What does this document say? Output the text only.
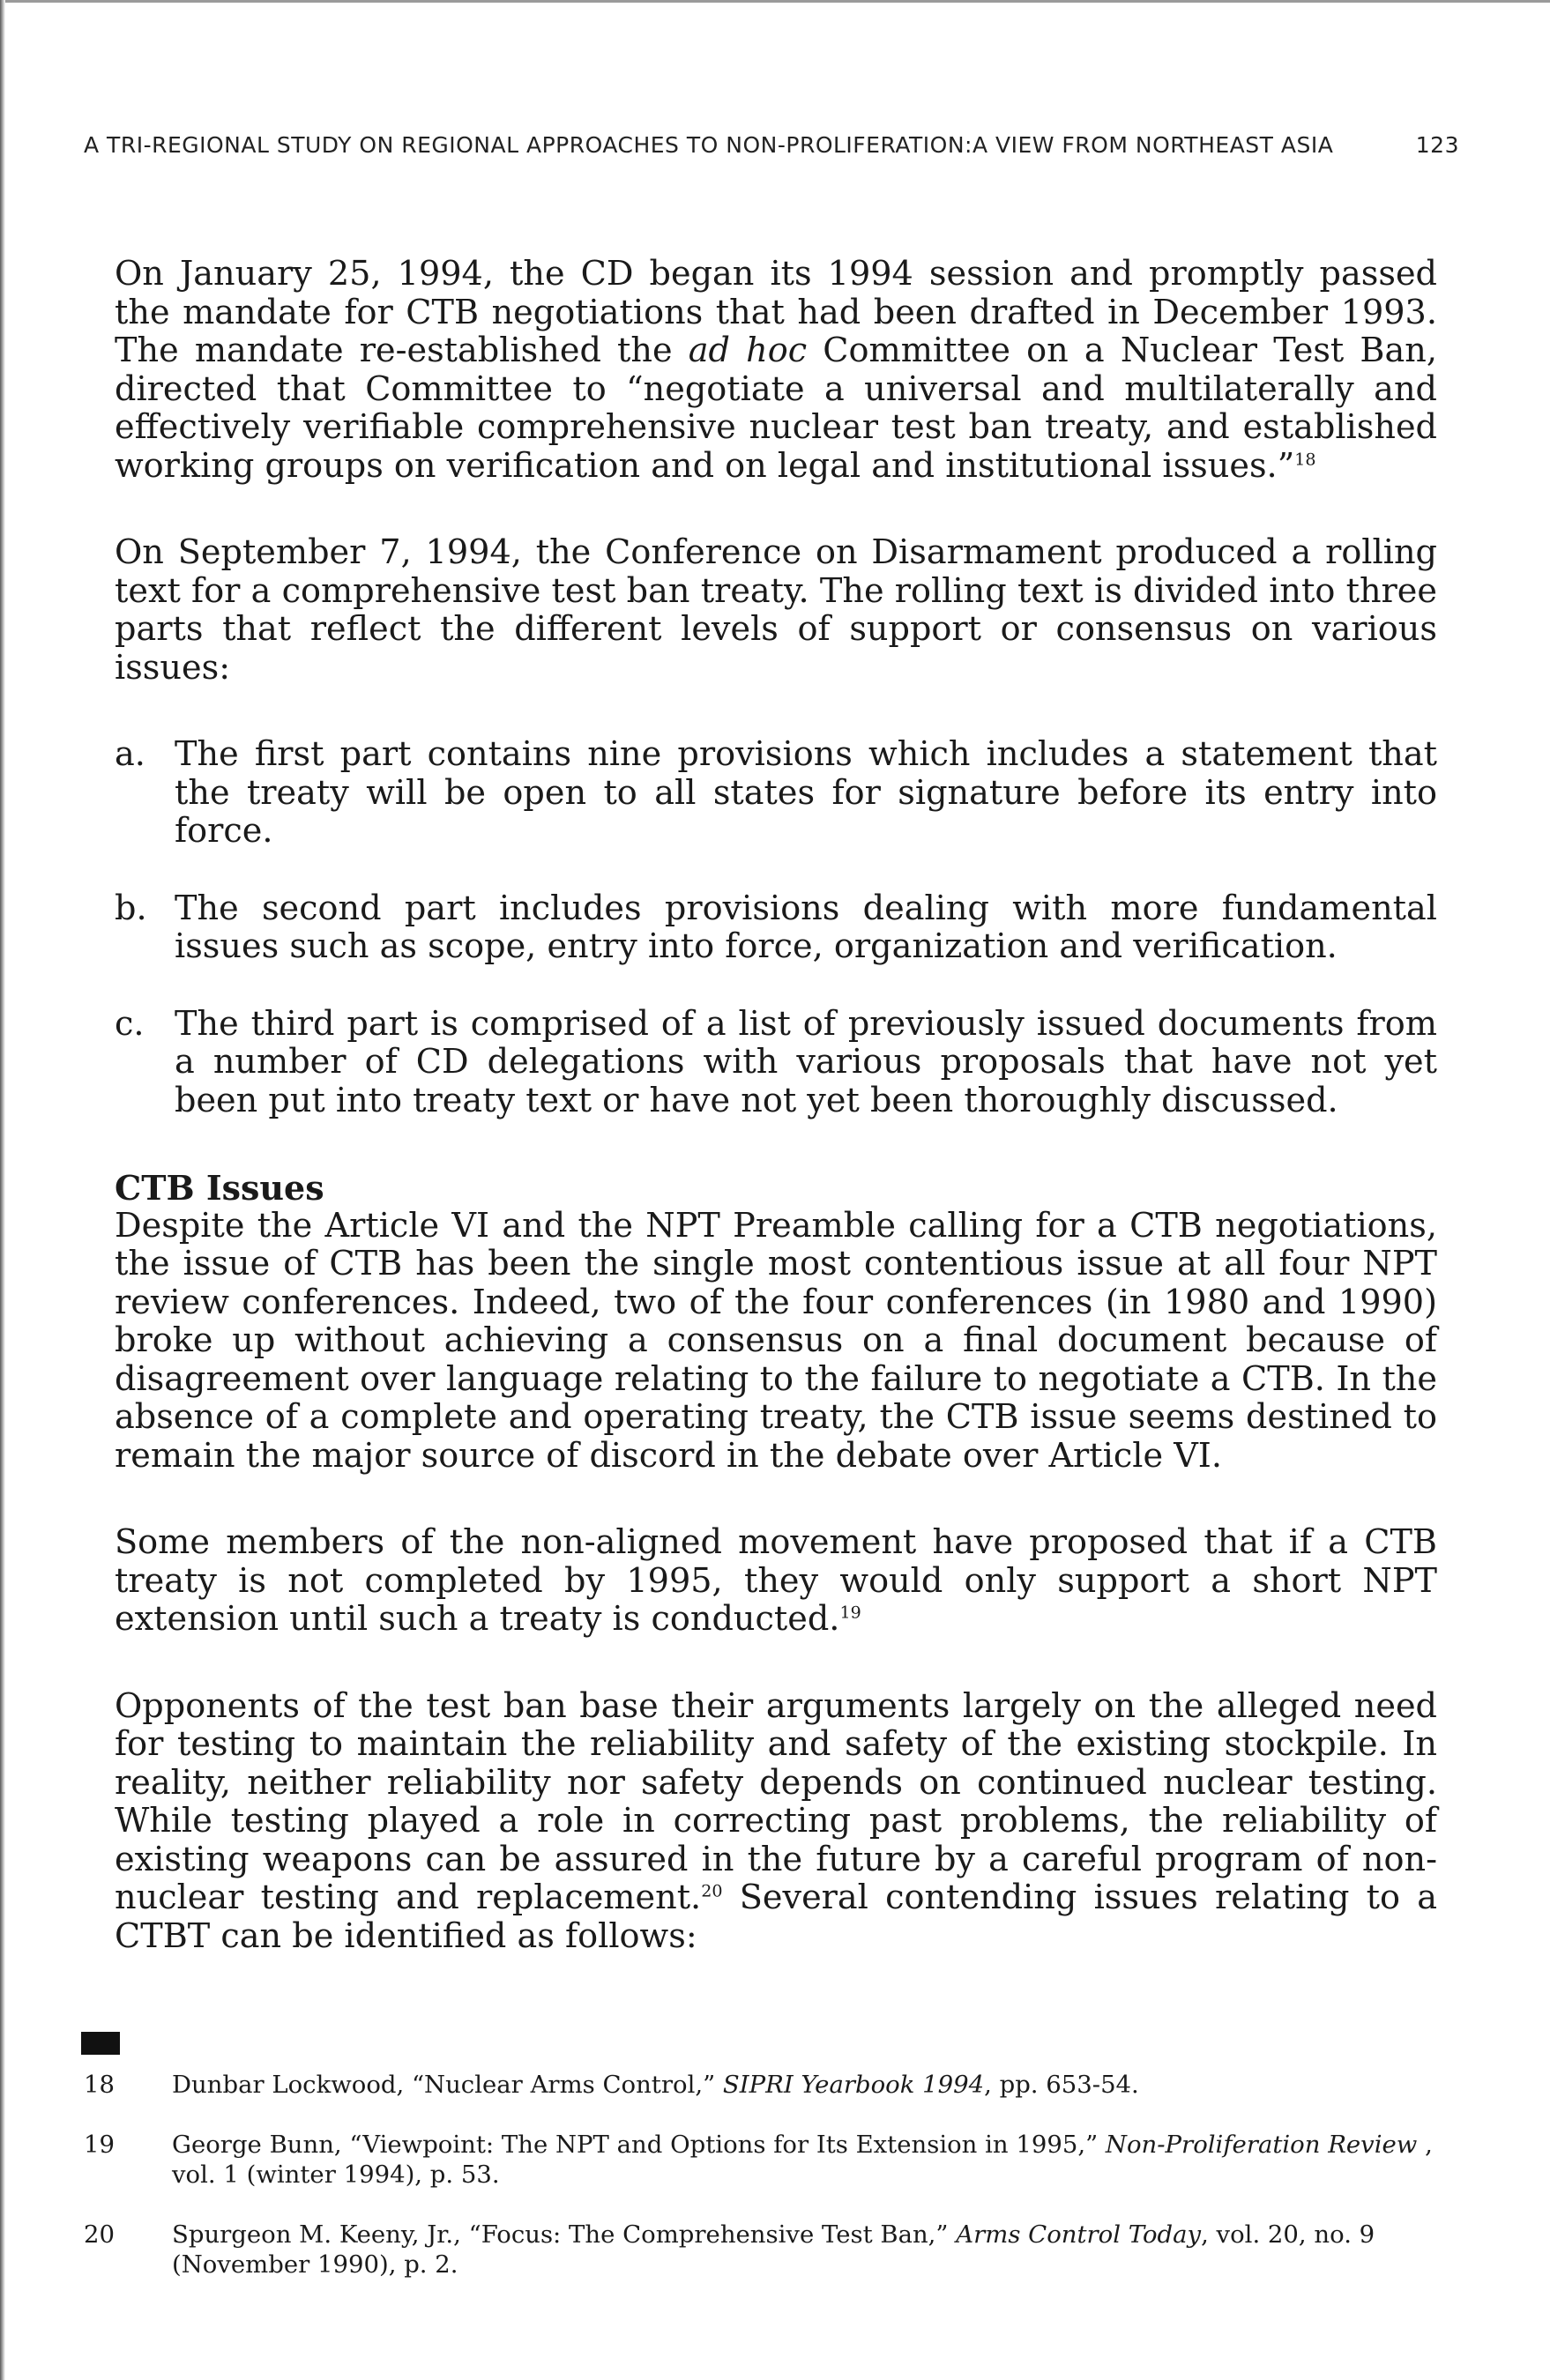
A TRI-REGIONAL STUDY ON REGIONAL APPROACHES TO NON-PROLIFERATION:A VIEW FROM NORTHEAST ASIA	123

On January 25, 1994, the CD began its 1994 session and promptly passed the mandate for CTB negotiations that had been drafted in December 1993. The mandate re-established the ad hoc Committee on a Nuclear Test Ban, directed that Committee to “negotiate a universal and multilaterally and effectively verifiable comprehensive nuclear test ban treaty, and established working groups on verification and on legal and institutional issues.”$^{18}$

On September 7, 1994, the Conference on Disarmament produced a rolling text for a comprehensive test ban treaty. The rolling text is divided into three parts that reflect the different levels of support or consensus on various issues:

a. The first part contains nine provisions which includes a statement that the treaty will be open to all states for signature before its entry into force.
b. The second part includes provisions dealing with more fundamental issues such as scope, entry into force, organization and verification.
c. The third part is comprised of a list of previously issued documents from a number of CD delegations with various proposals that have not yet been put into treaty text or have not yet been thoroughly discussed.
CTB Issues

Despite the Article VI and the NPT Preamble calling for a CTB negotiations, the issue of CTB has been the single most contentious issue at all four NPT review conferences. Indeed, two of the four conferences (in 1980 and 1990) broke up without achieving a consensus on a final document because of disagreement over language relating to the failure to negotiate a CTB. In the absence of a complete and operating treaty, the CTB issue seems destined to remain the major source of discord in the debate over Article VI.

Some members of the non-aligned movement have proposed that if a CTB treaty is not completed by 1995, they would only support a short NPT extension until such a treaty is conducted.$^{19}$

Opponents of the test ban base their arguments largely on the alleged need for testing to maintain the reliability and safety of the existing stockpile. In reality, neither reliability nor safety depends on continued nuclear testing. While testing played a role in correcting past problems, the reliability of existing weapons can be assured in the future by a careful program of non-nuclear testing and replacement.$^{20}$ Several contending issues relating to a CTBT can be identified as follows:

18	Dunbar Lockwood, “Nuclear Arms Control,” SIPRI Yearbook 1994, pp. 653-54.
19	George Bunn, “Viewpoint: The NPT and Options for Its Extension in 1995,” Non-Proliferation Review , vol. 1 (winter 1994), p. 53.
20	Spurgeon M. Keeny, Jr., “Focus: The Comprehensive Test Ban,” Arms Control Today, vol. 20, no. 9 (November 1990), p. 2.
